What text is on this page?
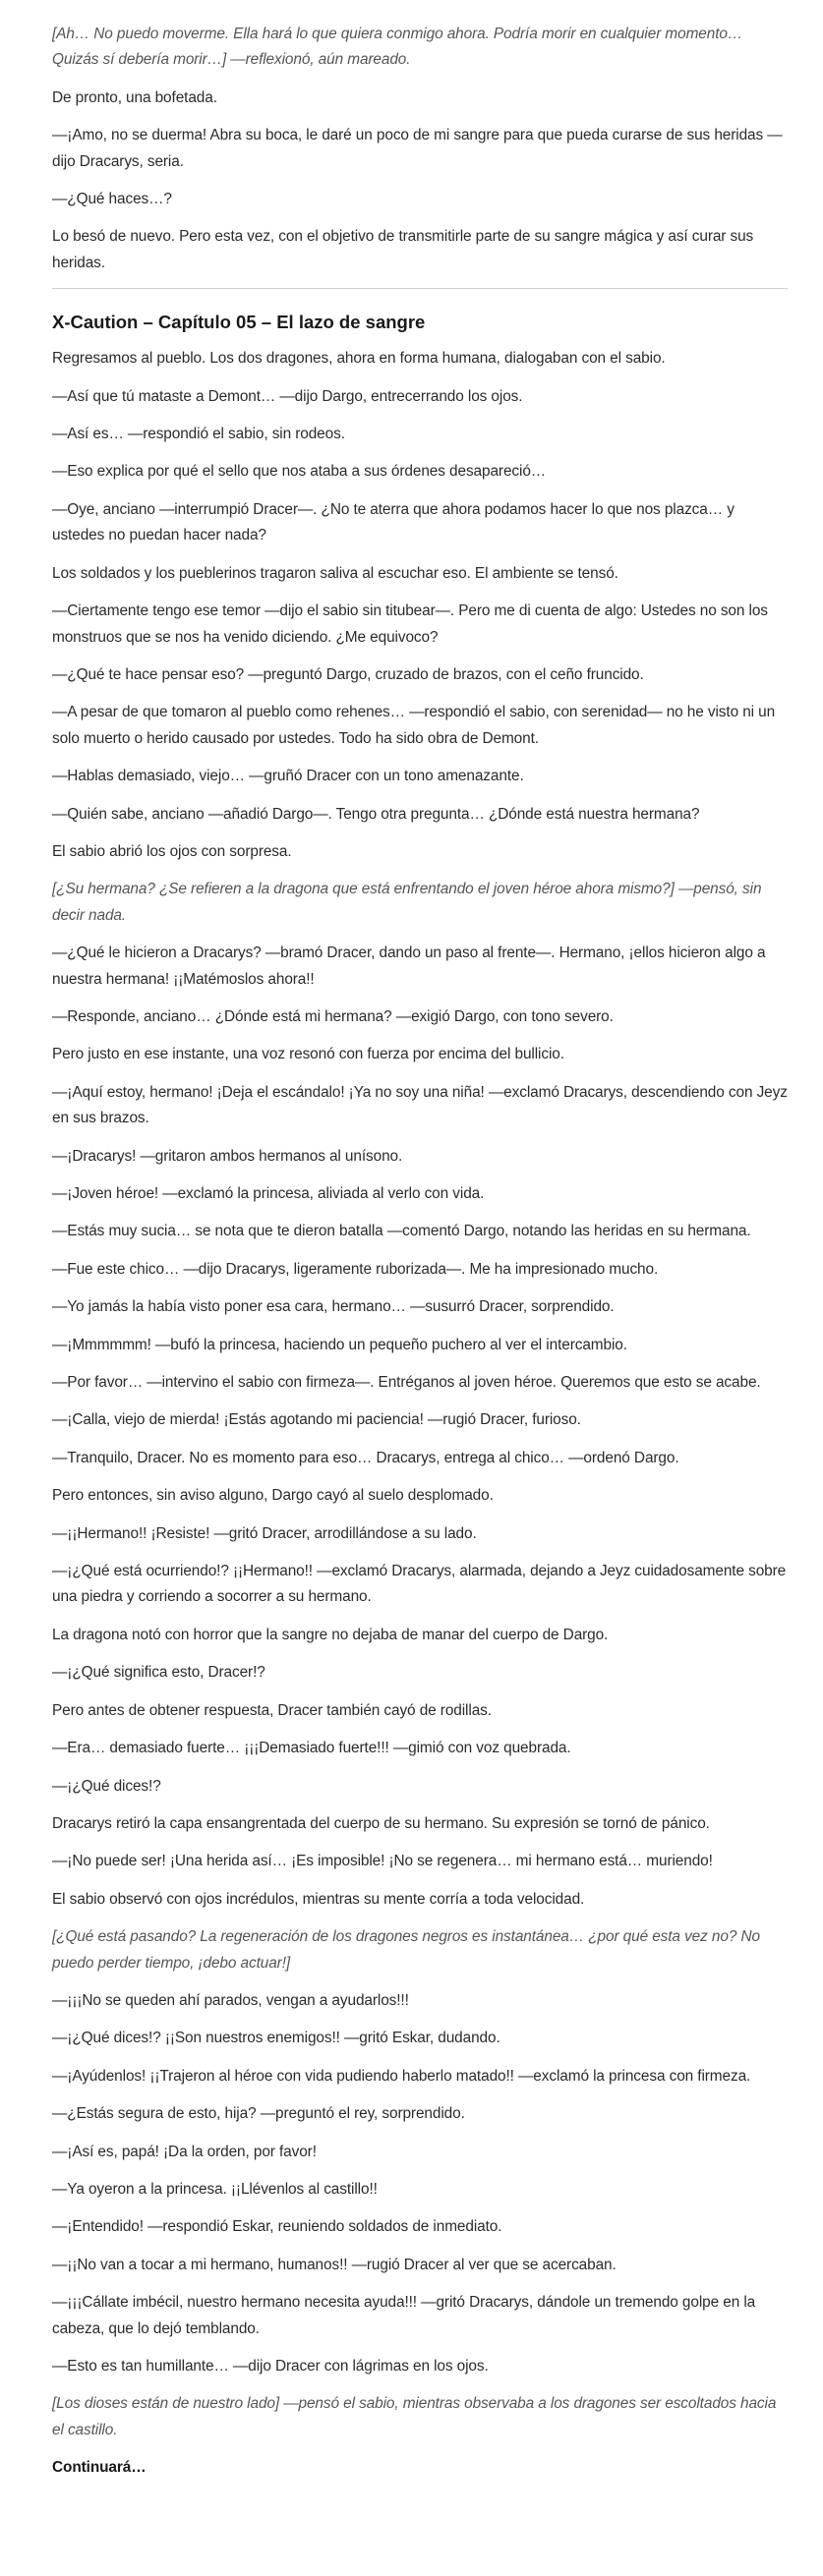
[Ah… No puedo moverme. Ella hará lo que quiera conmigo ahora. Podría morir en cualquier momento… Quizás sí debería morir…] —reflexionó, aún mareado.

De pronto, una bofetada.

—¡Amo, no se duerma! Abra su boca, le daré un poco de mi sangre para que pueda curarse de sus heridas —dijo Dracarys, seria.

—¿Qué haces…?

Lo besó de nuevo. Pero esta vez, con el objetivo de transmitirle parte de su sangre mágica y así curar sus heridas.

X-Caution – Capítulo 05 – El lazo de sangre

Regresamos al pueblo. Los dos dragones, ahora en forma humana, dialogaban con el sabio.

—Así que tú mataste a Demont… —dijo Dargo, entrecerrando los ojos.

—Así es… —respondió el sabio, sin rodeos.

—Eso explica por qué el sello que nos ataba a sus órdenes desapareció…

—Oye, anciano —interrumpió Dracer—. ¿No te aterra que ahora podamos hacer lo que nos plazca… y ustedes no puedan hacer nada?

Los soldados y los pueblerinos tragaron saliva al escuchar eso. El ambiente se tensó.

—Ciertamente tengo ese temor —dijo el sabio sin titubear—. Pero me di cuenta de algo: Ustedes no son los monstruos que se nos ha venido diciendo. ¿Me equivoco?

—¿Qué te hace pensar eso? —preguntó Dargo, cruzado de brazos, con el ceño fruncido.

—A pesar de que tomaron al pueblo como rehenes… —respondió el sabio, con serenidad— no he visto ni un solo muerto o herido causado por ustedes. Todo ha sido obra de Demont.

—Hablas demasiado, viejo… —gruñó Dracer con un tono amenazante.

—Quién sabe, anciano —añadió Dargo—. Tengo otra pregunta… ¿Dónde está nuestra hermana?

El sabio abrió los ojos con sorpresa.

[¿Su hermana? ¿Se refieren a la dragona que está enfrentando el joven héroe ahora mismo?] —pensó, sin decir nada.

—¿Qué le hicieron a Dracarys? —bramó Dracer, dando un paso al frente—. Hermano, ¡ellos hicieron algo a nuestra hermana! ¡¡Matémoslos ahora!!

—Responde, anciano… ¿Dónde está mi hermana? —exigió Dargo, con tono severo.

Pero justo en ese instante, una voz resonó con fuerza por encima del bullicio.

—¡Aquí estoy, hermano! ¡Deja el escándalo! ¡Ya no soy una niña! —exclamó Dracarys, descendiendo con Jeyz en sus brazos.

—¡Dracarys! —gritaron ambos hermanos al unísono.

—¡Joven héroe! —exclamó la princesa, aliviada al verlo con vida.

—Estás muy sucia… se nota que te dieron batalla —comentó Dargo, notando las heridas en su hermana.

—Fue este chico… —dijo Dracarys, ligeramente ruborizada—. Me ha impresionado mucho.

—Yo jamás la había visto poner esa cara, hermano… —susurró Dracer, sorprendido.

—¡Mmmmmm! —bufó la princesa, haciendo un pequeño puchero al ver el intercambio.

—Por favor… —intervino el sabio con firmeza—. Entréganos al joven héroe. Queremos que esto se acabe.

—¡Calla, viejo de mierda! ¡Estás agotando mi paciencia! —rugió Dracer, furioso.

—Tranquilo, Dracer. No es momento para eso… Dracarys, entrega al chico… —ordenó Dargo.

Pero entonces, sin aviso alguno, Dargo cayó al suelo desplomado.

—¡¡Hermano!! ¡Resiste! —gritó Dracer, arrodillándose a su lado.

—¡¿Qué está ocurriendo!? ¡¡Hermano!! —exclamó Dracarys, alarmada, dejando a Jeyz cuidadosamente sobre una piedra y corriendo a socorrer a su hermano.

La dragona notó con horror que la sangre no dejaba de manar del cuerpo de Dargo.

—¡¿Qué significa esto, Dracer!?

Pero antes de obtener respuesta, Dracer también cayó de rodillas.

—Era… demasiado fuerte… ¡¡¡Demasiado fuerte!!! —gimió con voz quebrada.

—¡¿Qué dices!?

Dracarys retiró la capa ensangrentada del cuerpo de su hermano. Su expresión se tornó de pánico.

—¡No puede ser! ¡Una herida así… ¡Es imposible! ¡No se regenera… mi hermano está… muriendo!

El sabio observó con ojos incrédulos, mientras su mente corría a toda velocidad.

[¿Qué está pasando? La regeneración de los dragones negros es instantánea… ¿por qué esta vez no? No puedo perder tiempo, ¡debo actuar!]

—¡¡¡No se queden ahí parados, vengan a ayudarlos!!!

—¡¿Qué dices!? ¡¡Son nuestros enemigos!! —gritó Eskar, dudando.

—¡Ayúdenlos! ¡¡Trajeron al héroe con vida pudiendo haberlo matado!! —exclamó la princesa con firmeza.

—¿Estás segura de esto, hija? —preguntó el rey, sorprendido.

—¡Así es, papá! ¡Da la orden, por favor!

—Ya oyeron a la princesa. ¡¡Llévenlos al castillo!!

—¡Entendido! —respondió Eskar, reuniendo soldados de inmediato.

—¡¡No van a tocar a mi hermano, humanos!! —rugió Dracer al ver que se acercaban.

—¡¡¡Cállate imbécil, nuestro hermano necesita ayuda!!! —gritó Dracarys, dándole un tremendo golpe en la cabeza, que lo dejó temblando.

—Esto es tan humillante… —dijo Dracer con lágrimas en los ojos.

[Los dioses están de nuestro lado] —pensó el sabio, mientras observaba a los dragones ser escoltados hacia el castillo.

Continuará…
